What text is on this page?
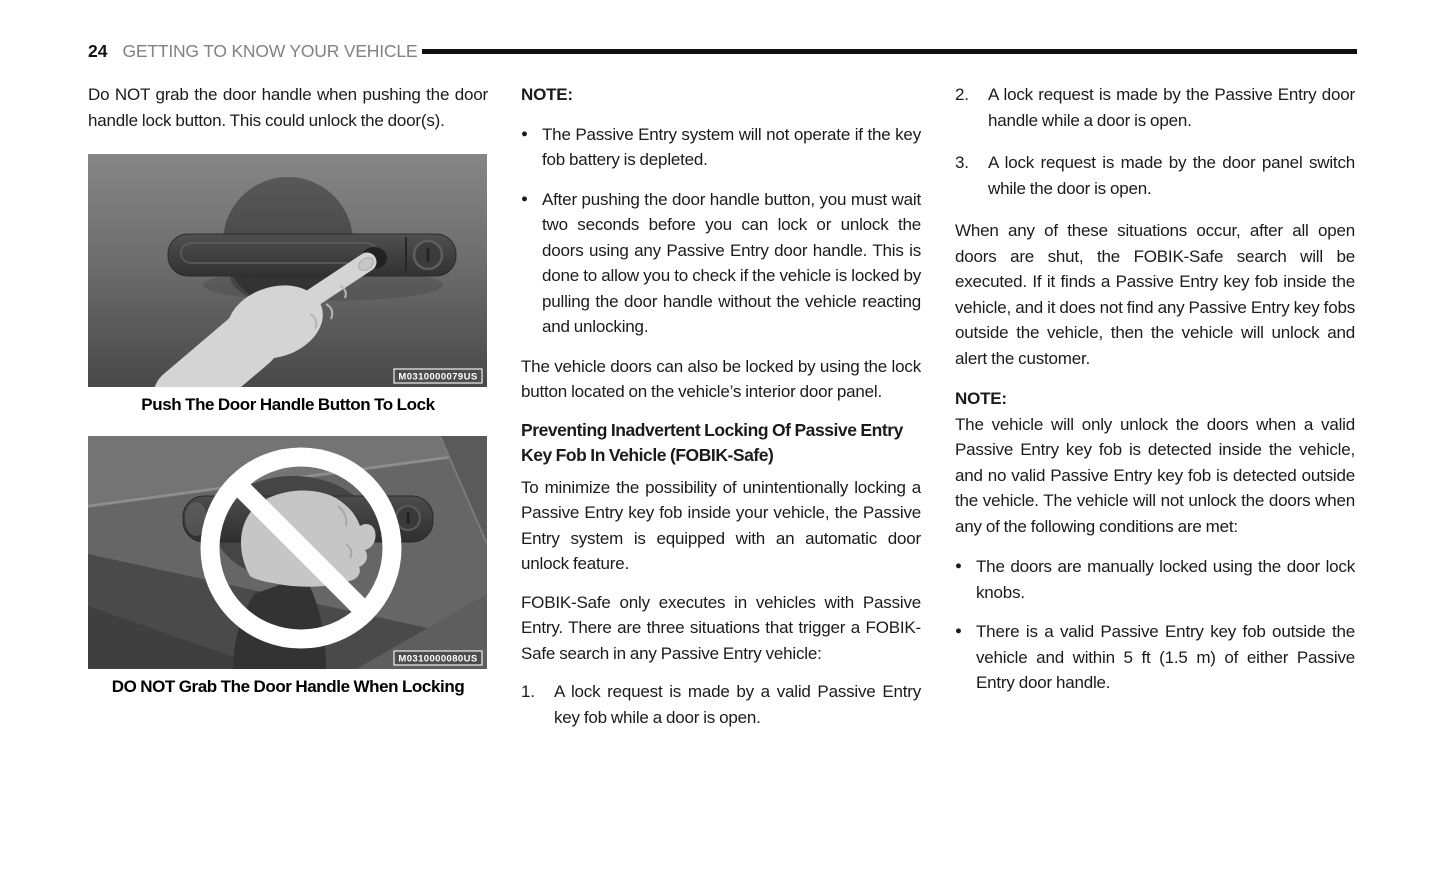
24 GETTING TO KNOW YOUR VEHICLE

Do NOT grab the door handle when pushing the door handle lock button. This could unlock the door(s).

M0310000079US
Push The Door Handle Button To Lock
M0310000080US
DO NOT Grab The Door Handle When Locking

NOTE:

● The Passive Entry system will not operate if the key fob battery is depleted.
● After pushing the door handle button, you must wait two seconds before you can lock or unlock the doors using any Passive Entry door handle. This is done to allow you to check if the vehicle is locked by pulling the door handle without the vehicle reacting and unlocking.

The vehicle doors can also be locked by using the lock button located on the vehicle’s interior door panel.

Preventing Inadvertent Locking Of Passive Entry Key Fob In Vehicle (FOBIK-Safe)

To minimize the possibility of unintentionally locking a Passive Entry key fob inside your vehicle, the Passive Entry system is equipped with an automatic door unlock feature.

FOBIK-Safe only executes in vehicles with Passive Entry. There are three situations that trigger a FOBIK-Safe search in any Passive Entry vehicle:

1.	A lock request is made by a valid Passive Entry key fob while a door is open.
2.	A lock request is made by the Passive Entry door handle while a door is open.
3.	A lock request is made by the door panel switch while the door is open.

When any of these situations occur, after all open doors are shut, the FOBIK-Safe search will be executed. If it finds a Passive Entry key fob inside the vehicle, and it does not find any Passive Entry key fobs outside the vehicle, then the vehicle will unlock and alert the customer.

NOTE:

The vehicle will only unlock the doors when a valid Passive Entry key fob is detected inside the vehicle, and no valid Passive Entry key fob is detected outside the vehicle. The vehicle will not unlock the doors when any of the following conditions are met:

● The doors are manually locked using the door lock knobs.
● There is a valid Passive Entry key fob outside the vehicle and within 5 ft (1.5 m) of either Passive Entry door handle.
